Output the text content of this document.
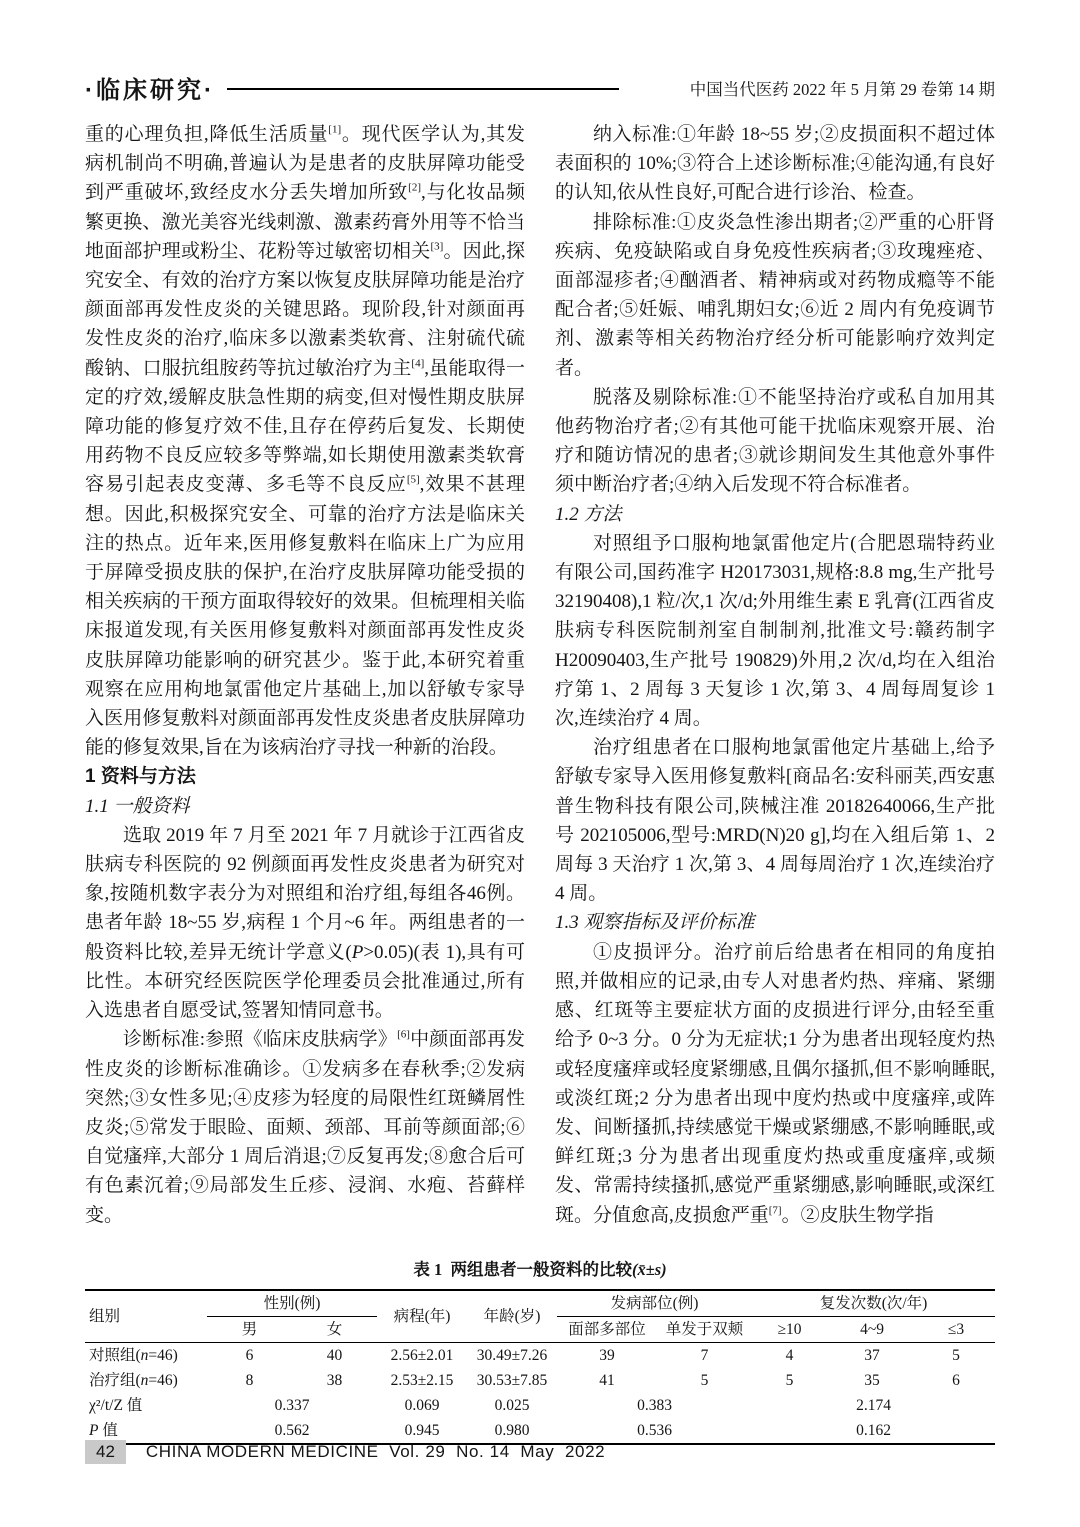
·临床研究·	中国当代医药 2022 年 5 月第 29 卷第 14 期
重的心理负担,降低生活质量[1]。现代医学认为,其发病机制尚不明确,普遍认为是患者的皮肤屏障功能受到严重破坏,致经皮水分丢失增加所致[2],与化妆品频繁更换、激光美容光线刺激、激素药膏外用等不恰当地面部护理或粉尘、花粉等过敏密切相关[3]。因此,探究安全、有效的治疗方案以恢复皮肤屏障功能是治疗颜面部再发性皮炎的关键思路。现阶段,针对颜面再发性皮炎的治疗,临床多以激素类软膏、注射硫代硫酸钠、口服抗组胺药等抗过敏治疗为主[4],虽能取得一定的疗效,缓解皮肤急性期的病变,但对慢性期皮肤屏障功能的修复疗效不佳,且存在停药后复发、长期使用药物不良反应较多等弊端,如长期使用激素类软膏容易引起表皮变薄、多毛等不良反应[5],效果不甚理想。因此,积极探究安全、可靠的治疗方法是临床关注的热点。近年来,医用修复敷料在临床上广为应用于屏障受损皮肤的保护,在治疗皮肤屏障功能受损的相关疾病的干预方面取得较好的效果。但梳理相关临床报道发现,有关医用修复敷料对颜面部再发性皮炎皮肤屏障功能影响的研究甚少。鉴于此,本研究着重观察在应用枸地氯雷他定片基础上,加以舒敏专家导入医用修复敷料对颜面部再发性皮炎患者皮肤屏障功能的修复效果,旨在为该病治疗寻找一种新的治段。
1 资料与方法
1.1 一般资料
选取 2019 年 7 月至 2021 年 7 月就诊于江西省皮肤病专科医院的 92 例颜面再发性皮炎患者为研究对象,按随机数字表分为对照组和治疗组,每组各46例。患者年龄 18~55 岁,病程 1 个月~6 年。两组患者的一般资料比较,差异无统计学意义(P>0.05)(表 1),具有可比性。本研究经医院医学伦理委员会批准通过,所有入选患者自愿受试,签署知情同意书。
诊断标准:参照《临床皮肤病学》[6]中颜面部再发性皮炎的诊断标准确诊。①发病多在春秋季;②发病突然;③女性多见;④皮疹为轻度的局限性红斑鳞屑性皮炎;⑤常发于眼睑、面颊、颈部、耳前等颜面部;⑥自觉瘙痒,大部分 1 周后消退;⑦反复再发;⑧愈合后可有色素沉着;⑨局部发生丘疹、浸润、水疱、苔藓样变。
纳入标准:①年龄 18~55 岁;②皮损面积不超过体表面积的 10%;③符合上述诊断标准;④能沟通,有良好的认知,依从性良好,可配合进行诊治、检查。
排除标准:①皮炎急性渗出期者;②严重的心肝肾疾病、免疫缺陷或自身免疫性疾病者;③玫瑰痤疮、面部湿疹者;④酗酒者、精神病或对药物成瘾等不能配合者;⑤妊娠、哺乳期妇女;⑥近 2 周内有免疫调节剂、激素等相关药物治疗经分析可能影响疗效判定者。
脱落及剔除标准:①不能坚持治疗或私自加用其他药物治疗者;②有其他可能干扰临床观察开展、治疗和随访情况的患者;③就诊期间发生其他意外事件须中断治疗者;④纳入后发现不符合标准者。
1.2 方法
对照组予口服枸地氯雷他定片(合肥恩瑞特药业有限公司,国药准字 H20173031,规格:8.8 mg,生产批号 32190408),1 粒/次,1 次/d;外用维生素 E 乳膏(江西省皮肤病专科医院制剂室自制制剂,批准文号:赣药制字 H20090403,生产批号 190829)外用,2 次/d,均在入组治疗第 1、2 周每 3 天复诊 1 次,第 3、4 周每周复诊 1 次,连续治疗 4 周。
治疗组患者在口服枸地氯雷他定片基础上,给予舒敏专家导入医用修复敷料[商品名:安科丽芙,西安惠普生物科技有限公司,陕械注准 20182640066,生产批号 202105006,型号:MRD(N)20 g],均在入组后第 1、2 周每 3 天治疗 1 次,第 3、4 周每周治疗 1 次,连续治疗 4 周。
1.3 观察指标及评价标准
①皮损评分。治疗前后给患者在相同的角度拍照,并做相应的记录,由专人对患者灼热、痒痛、紧绷感、红斑等主要症状方面的皮损进行评分,由轻至重给予 0~3 分。0 分为无症状;1 分为患者出现轻度灼热或轻度瘙痒或轻度紧绷感,且偶尔搔抓,但不影响睡眠,或淡红斑;2 分为患者出现中度灼热或中度瘙痒,或阵发、间断搔抓,持续感觉干燥或紧绷感,不影响睡眠,或鲜红斑;3 分为患者出现重度灼热或重度瘙痒,或频发、常需持续搔抓,感觉严重紧绷感,影响睡眠,或深红斑。分值愈高,皮损愈严重[7]。②皮肤生物学指
表 1 两组患者一般资料的比较(x̄±s)
组别	性别(例)		病程(年)	年龄(岁)	发病部位(例)		复发次数(次/年)		
	男	女			面部多部位	单发于双颊	≥10	4~9	≤3
对照组(n=46)	6	40	2.56±2.01	30.49±7.26	39	7	4	37	5
治疗组(n=46)	8	38	2.53±2.15	30.53±7.85	41	5	5	35	6
χ²/t/Z 值	0.337		0.069	0.025	0.383		2.174		
P 值	0.562		0.945	0.980	0.536		0.162		
42	CHINA MODERN MEDICINE  Vol. 29  No. 14  May  2022
